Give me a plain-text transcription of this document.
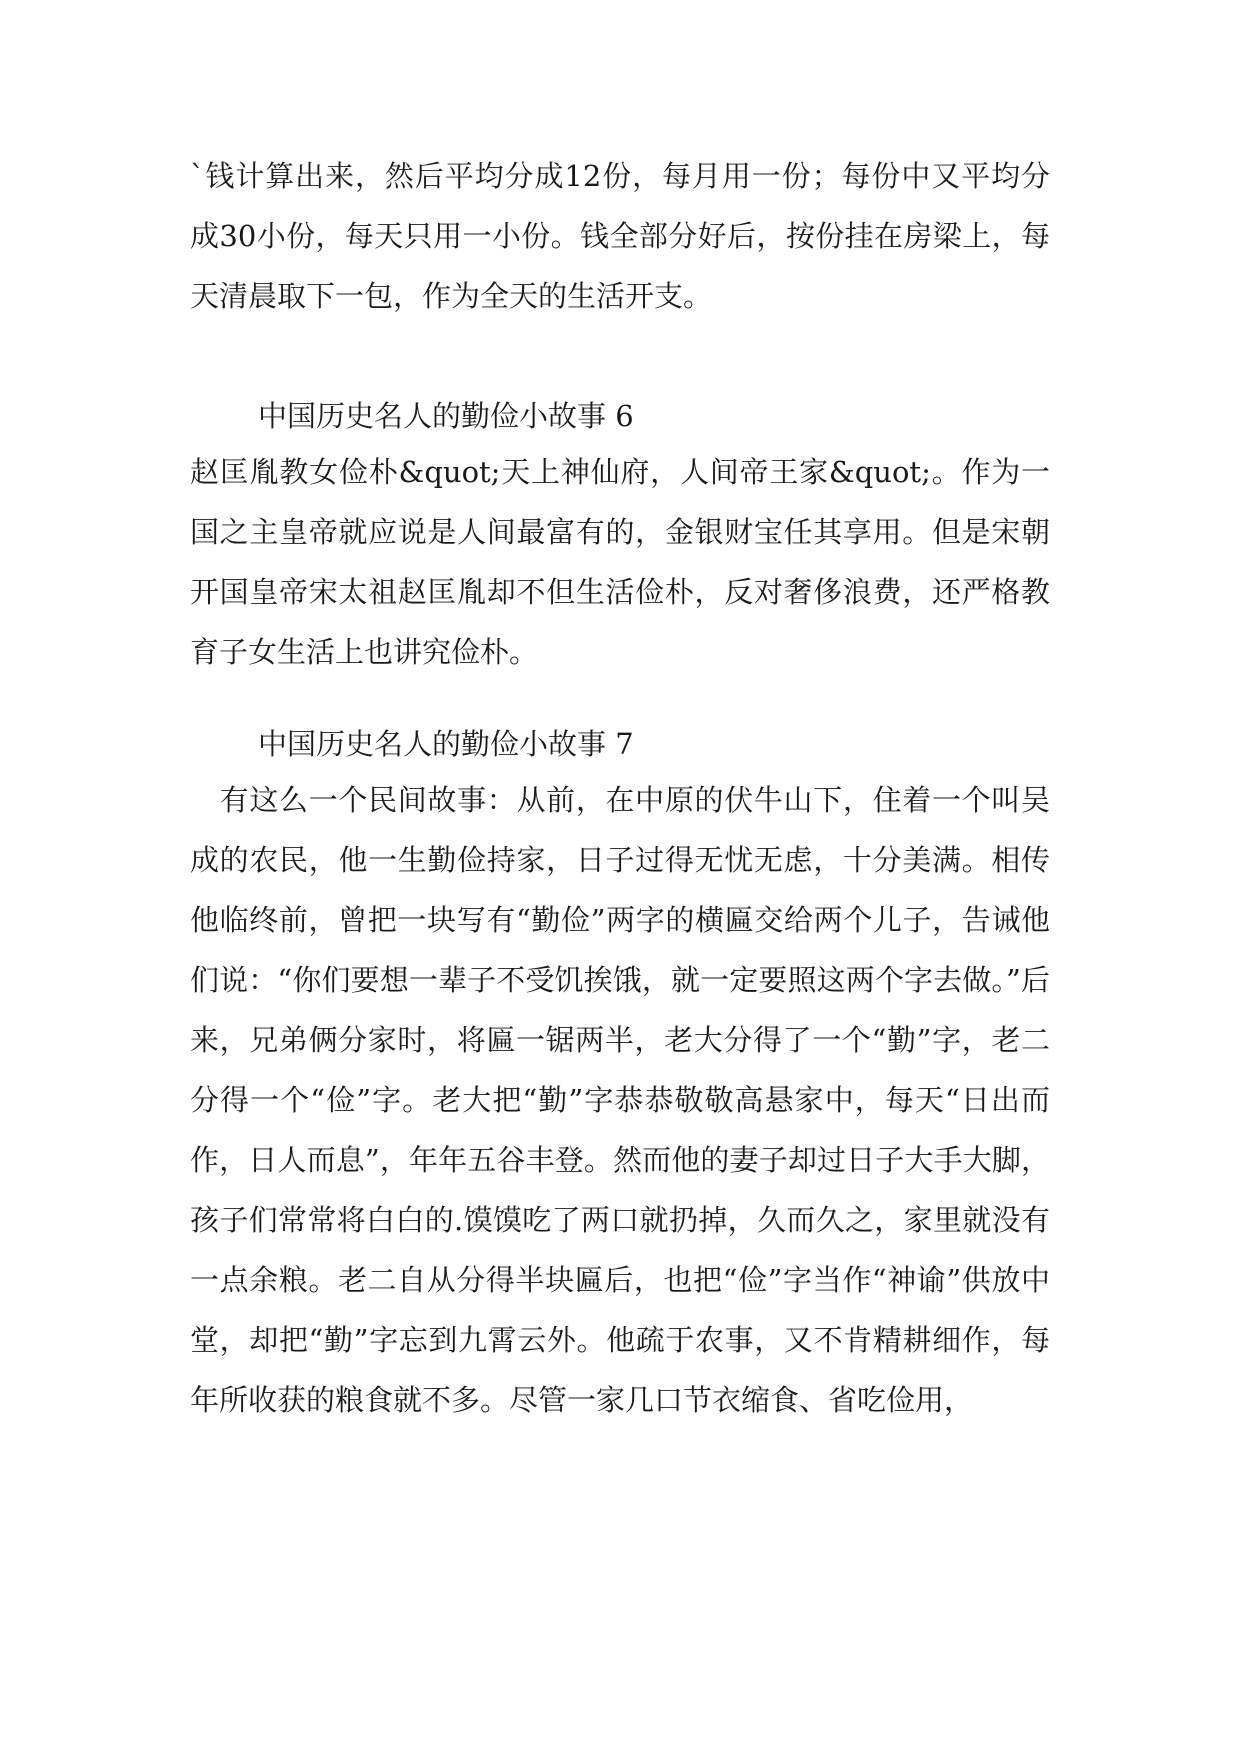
`钱计算出来，然后平均分成12份，每月用一份；每份中又平均分成30小份，每天只用一小份。钱全部分好后，按份挂在房梁上，每天清晨取下一包，作为全天的生活开支。

中国历史名人的勤俭小故事 6

赵匡胤教女俭朴&quot;天上神仙府，人间帝王家&quot;。作为一国之主皇帝就应说是人间最富有的，金银财宝任其享用。但是宋朝开国皇帝宋太祖赵匡胤却不但生活俭朴，反对奢侈浪费，还严格教育子女生活上也讲究俭朴。

中国历史名人的勤俭小故事 7

　有这么一个民间故事：从前，在中原的伏牛山下，住着一个叫吴成的农民，他一生勤俭持家，日子过得无忧无虑，十分美满。相传他临终前，曾把一块写有“勤俭”两字的横匾交给两个儿子，告诫他们说：“你们要想一辈子不受饥挨饿，就一定要照这两个字去做。”后来，兄弟俩分家时，将匾一锯两半，老大分得了一个“勤”字，老二分得一个“俭”字。老大把“勤”字恭恭敬敬高悬家中，每天“日出而作，日人而息”，年年五谷丰登。然而他的妻子却过日子大手大脚，孩子们常常将白白的.馍馍吃了两口就扔掉，久而久之，家里就没有一点余粮。老二自从分得半块匾后，也把“俭”字当作“神谕”供放中堂，却把“勤”字忘到九霄云外。他疏于农事，又不肯精耕细作，每年所收获的粮食就不多。尽管一家几口节衣缩食、省吃俭用，
